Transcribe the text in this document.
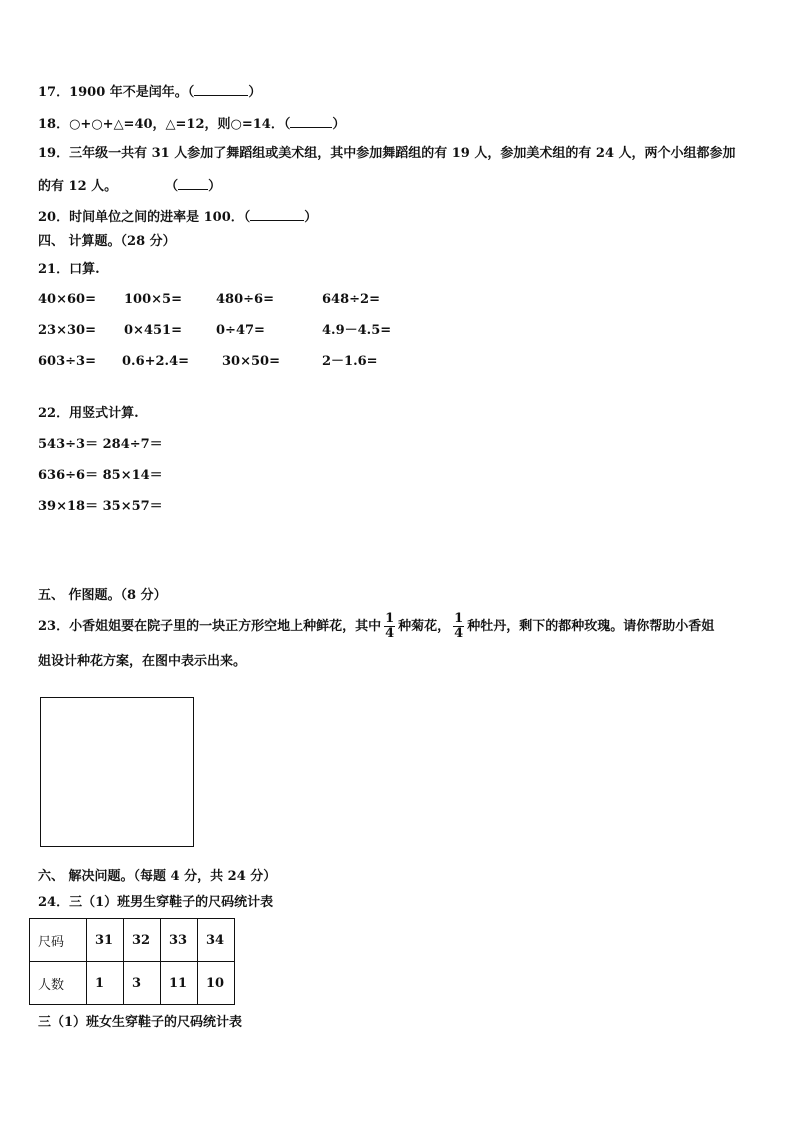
17．1900 年不是闰年。（	）
18．○+○+△=40，△=12，则○=14．（	）
19．三年级一共有 31 人参加了舞蹈组或美术组，其中参加舞蹈组的有 19 人，参加美术组的有 24 人，两个小组都参加
的有 12 人。	（ ）
20．时间单位之间的进率是 100．（	）
四、 计算题。（28 分）
21．口算.
40×60= 100×5=	480÷6=	648÷2=
23×30= 0×451=	0÷47=	4.9－4.5=
603÷3= 0.6+2.4=	30×50=	2－1.6=
22．用竖式计算.
543÷3＝ 284÷7＝
636÷6＝ 85×14＝
39×18＝ 35×57＝
五、 作图题。（8 分）
23．小香姐姐要在院子里的一块正方形空地上种鲜花，其中 $\frac{1}{4}$ 种菊花， $\frac{1}{4}$ 种牡丹，剩下的都种玫瑰。请你帮助小香姐
姐设计种花方案，在图中表示出来。
六、 解决问题。（每题 4 分，共 24 分）
24．三（1）班男生穿鞋子的尺码统计表
尺码	31	32	33	34
人数	1	3	11	10
三（1）班女生穿鞋子的尺码统计表
